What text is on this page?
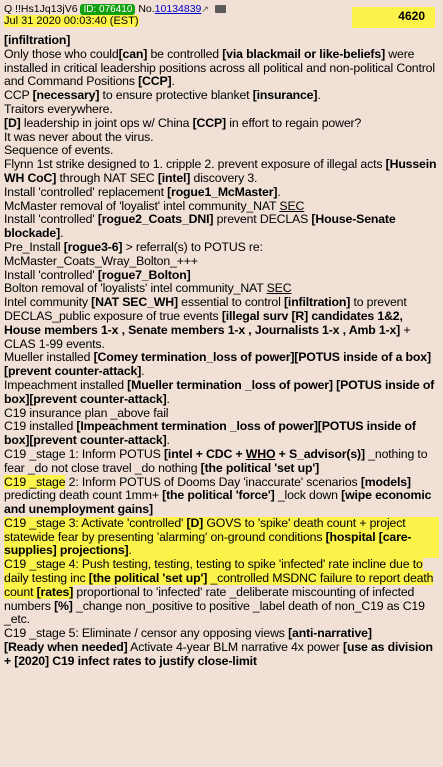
Q !!Hs1Jq13jV6 ID: 076410 No.10134839↗
Jul 31 2020 00:03:40 (EST)	4620

[infiltration]

Only those who could[can] be controlled [via blackmail or like-beliefs] were installed in critical leadership positions across all political and non-political Control and Command Positions [CCP].

CCP [necessary] to ensure protective blanket [insurance].

Traitors everywhere.

[D] leadership in joint ops w/ China [CCP] in effort to regain power?

It was never about the virus.

Sequence of events.

Flynn 1st strike designed to 1. cripple 2. prevent exposure of illegal acts [Hussein WH CoC] through NAT SEC [intel] discovery 3.

Install 'controlled' replacement [rogue1_McMaster].

McMaster removal of 'loyalist' intel community_NAT SEC

Install 'controlled' [rogue2_Coats_DNI] prevent DECLAS [House-Senate blockade].

Pre_Install [rogue3-6] > referral(s) to POTUS re:

McMaster_Coats_Wray_Bolton_+++

Install 'controlled' [rogue7_Bolton]

Bolton removal of 'loyalists' intel community_NAT SEC

Intel community [NAT SEC_WH] essential to control [infiltration] to prevent DECLAS_public exposure of true events [illegal surv [R] candidates 1&2, House members 1-x , Senate members 1-x , Journalists 1-x , Amb 1-x] + CLAS 1-99 events.

Mueller installed [Comey termination_loss of power][POTUS inside of a box][prevent counter-attack].

Impeachment installed [Mueller termination _loss of power] [POTUS inside of box][prevent counter-attack].

C19 insurance plan _above fail

C19 installed [Impeachment termination _loss of power][POTUS inside of box][prevent counter-attack].

C19 _stage 1: Inform POTUS [intel + CDC + WHO + S_advisor(s)] _nothing to fear _do not close travel _do nothing [the political 'set up']

C19 _stage 2: Inform POTUS of Dooms Day 'inaccurate' scenarios [models] predicting death count 1mm+ [the political 'force'] _lock down [wipe economic and unemployment gains]

C19 _stage 3: Activate 'controlled' [D] GOVS to 'spike' death count + project statewide fear by presenting 'alarming' on-ground conditions [hospital [care-supplies] projections].

C19 _stage 4: Push testing, testing, testing to spike 'infected' rate incline due to daily testing inc [the political 'set up'] _controlled MSDNC failure to report death count [rates] proportional to 'infected' rate _deliberate miscounting of infected numbers [%] _change non_positive to positive _label death of non_C19 as C19 _etc.

C19 _stage 5: Eliminate / censor any opposing views [anti-narrative]

[Ready when needed] Activate 4-year BLM narrative 4x power [use as division + [2020] C19 infect rates to justify close-limit
